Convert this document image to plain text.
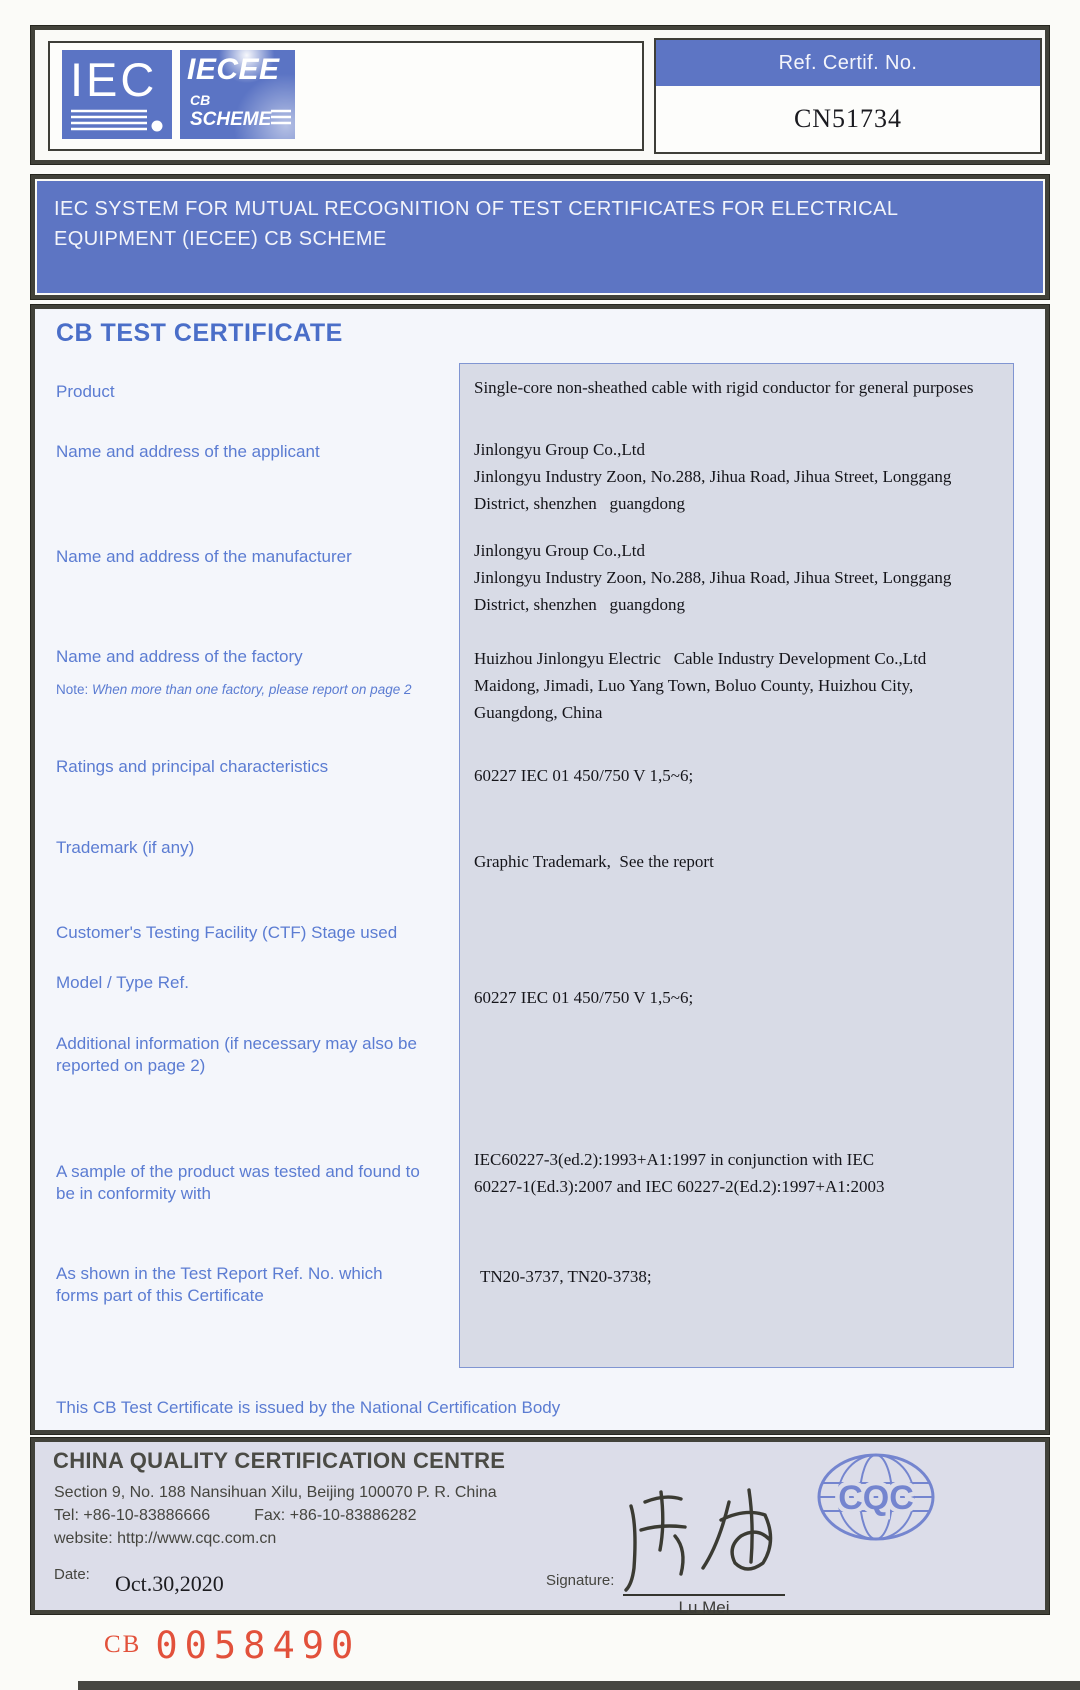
IEC IECEE
CB
SCHEME
Ref. Certif. No.
CN51734

IEC SYSTEM FOR MUTUAL RECOGNITION OF TEST CERTIFICATES FOR ELECTRICAL EQUIPMENT (IECEE) CB SCHEME

CB TEST CERTIFICATE
Product
Name and address of the applicant
Name and address of the manufacturer
Name and address of the factory
Note: When more than one factory, please report on page 2
Ratings and principal characteristics
Trademark (if any)
Customer's Testing Facility (CTF) Stage used
Model / Type Ref.
Additional information (if necessary may also be reported on page 2)
A sample of the product was tested and found to be in conformity with
As shown in the Test Report Ref. No. which forms part of this Certificate

Single-core non-sheathed cable with rigid conductor for general purposes

Jinlongyu Group Co.,Ltd

Jinlongyu Industry Zoon, No.288, Jihua Road, Jihua Street, Longgang

District, shenzhen   guangdong

Jinlongyu Group Co.,Ltd

Jinlongyu Industry Zoon, No.288, Jihua Road, Jihua Street, Longgang

District, shenzhen   guangdong

Huizhou Jinlongyu Electric   Cable Industry Development Co.,Ltd

Maidong, Jimadi, Luo Yang Town, Boluo County, Huizhou City,

Guangdong, China

60227 IEC 01 450/750 V 1,5~6;

Graphic Trademark,  See the report

60227 IEC 01 450/750 V 1,5~6;

IEC60227-3(ed.2):1993+A1:1997 in conjunction with IEC

60227-1(Ed.3):2007 and IEC 60227-2(Ed.2):1997+A1:2003

TN20-3737, TN20-3738;

This CB Test Certificate is issued by the National Certification Body
CHINA QUALITY CERTIFICATION CENTRE
Section 9, No. 188 Nansihuan Xilu, Beijing 100070 P. R. China
Tel: +86-10-83886666	Fax: +86-10-83886282
website: http://www.cqc.com.cn
Date: Oct.30,2020	Signature:
Lu Mei
CQC
CB 0058490
